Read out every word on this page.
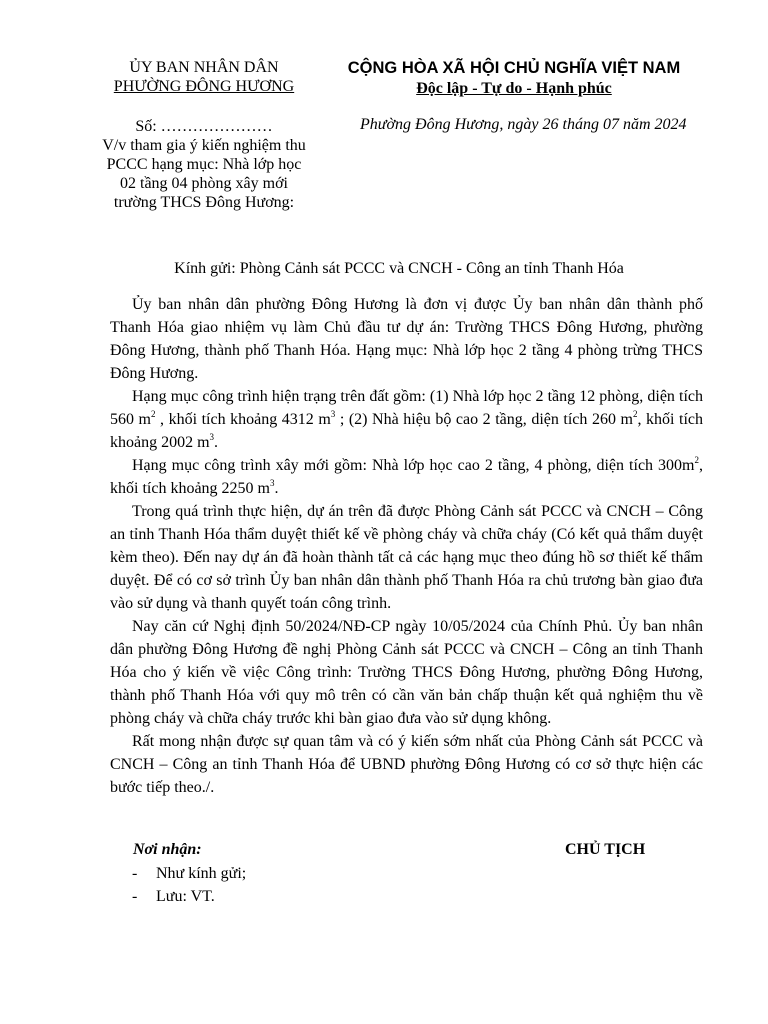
ỦY BAN NHÂN DÂN
PHƯỜNG ĐÔNG HƯƠNG
CỘNG HÒA XÃ HỘI CHỦ NGHĨA VIỆT NAM
Độc lập - Tự do - Hạnh phúc
Số: …………………
V/v tham gia ý kiến nghiệm thu
PCCC hạng mục: Nhà lớp học
02 tầng 04 phòng xây mới
trường THCS Đông Hương:
Phường Đông Hương, ngày 26 tháng 07 năm 2024
Kính gửi: Phòng Cảnh sát PCCC và CNCH - Công an tỉnh Thanh Hóa

Ủy ban nhân dân phường Đông Hương là đơn vị được Ủy ban nhân dân thành phố Thanh Hóa giao nhiệm vụ làm Chủ đầu tư dự án: Trường THCS Đông Hương, phường Đông Hương, thành phố Thanh Hóa. Hạng mục: Nhà lớp học 2 tầng 4 phòng trừng THCS Đông Hương.

Hạng mục công trình hiện trạng trên đất gồm: (1) Nhà lớp học 2 tầng 12 phòng, diện tích 560 $m^2$ , khối tích khoảng 4312 $m^3$ ; (2) Nhà hiệu bộ cao 2 tầng, diện tích 260 $m^2$, khối tích khoảng 2002 $m^3$.

Hạng mục công trình xây mới gồm: Nhà lớp học cao 2 tầng, 4 phòng, diện tích $300m^2$, khối tích khoảng 2250 $m^3$.

Trong quá trình thực hiện, dự án trên đã được Phòng Cảnh sát PCCC và CNCH – Công an tỉnh Thanh Hóa thẩm duyệt thiết kế về phòng cháy và chữa cháy (Có kết quả thẩm duyệt kèm theo). Đến nay dự án đã hoàn thành tất cả các hạng mục theo đúng hồ sơ thiết kế thẩm duyệt. Để có cơ sở trình Ủy ban nhân dân thành phố Thanh Hóa ra chủ trương bàn giao đưa vào sử dụng và thanh quyết toán công trình.

Nay căn cứ Nghị định 50/2024/NĐ-CP ngày 10/05/2024 của Chính Phủ. Ủy ban nhân dân phường Đông Hương đề nghị Phòng Cảnh sát PCCC và CNCH – Công an tỉnh Thanh Hóa cho ý kiến về việc Công trình: Trường THCS Đông Hương, phường Đông Hương, thành phố Thanh Hóa với quy mô trên có cần văn bản chấp thuận kết quả nghiệm thu về phòng cháy và chữa cháy trước khi bàn giao đưa vào sử dụng không.

Rất mong nhận được sự quan tâm và có ý kiến sớm nhất của Phòng Cảnh sát PCCC và CNCH – Công an tỉnh Thanh Hóa để UBND phường Đông Hương có cơ sở thực hiện các bước tiếp theo./.

Nơi nhận:
- Như kính gửi;
- Lưu: VT.
CHỦ TỊCH
